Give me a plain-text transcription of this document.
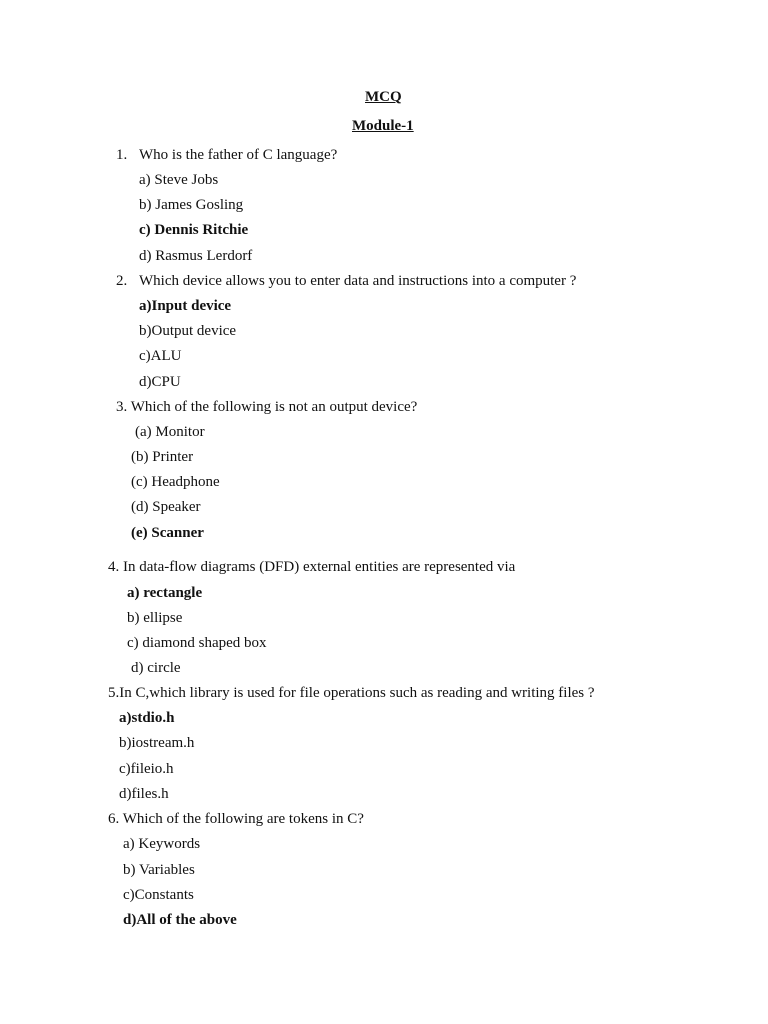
MCQ
Module-1
1. Who is the father of C language?
a) Steve Jobs
b) James Gosling
c) Dennis Ritchie
d) Rasmus Lerdorf
2. Which device allows you to enter data and instructions into a computer ?
a)Input device
b)Output device
c)ALU
d)CPU
3. Which of the following is not an output device?
(a) Monitor
(b) Printer
(c) Headphone
(d) Speaker
(e) Scanner
4. In data-flow diagrams (DFD) external entities are represented via
a) rectangle
b) ellipse
c) diamond shaped box
d) circle
5.In C,which library is used for file operations such as reading and writing files ?
a)stdio.h
b)iostream.h
c)fileio.h
d)files.h
6. Which of the following are tokens in C?
a) Keywords
b) Variables
c)Constants
d)All of the above
